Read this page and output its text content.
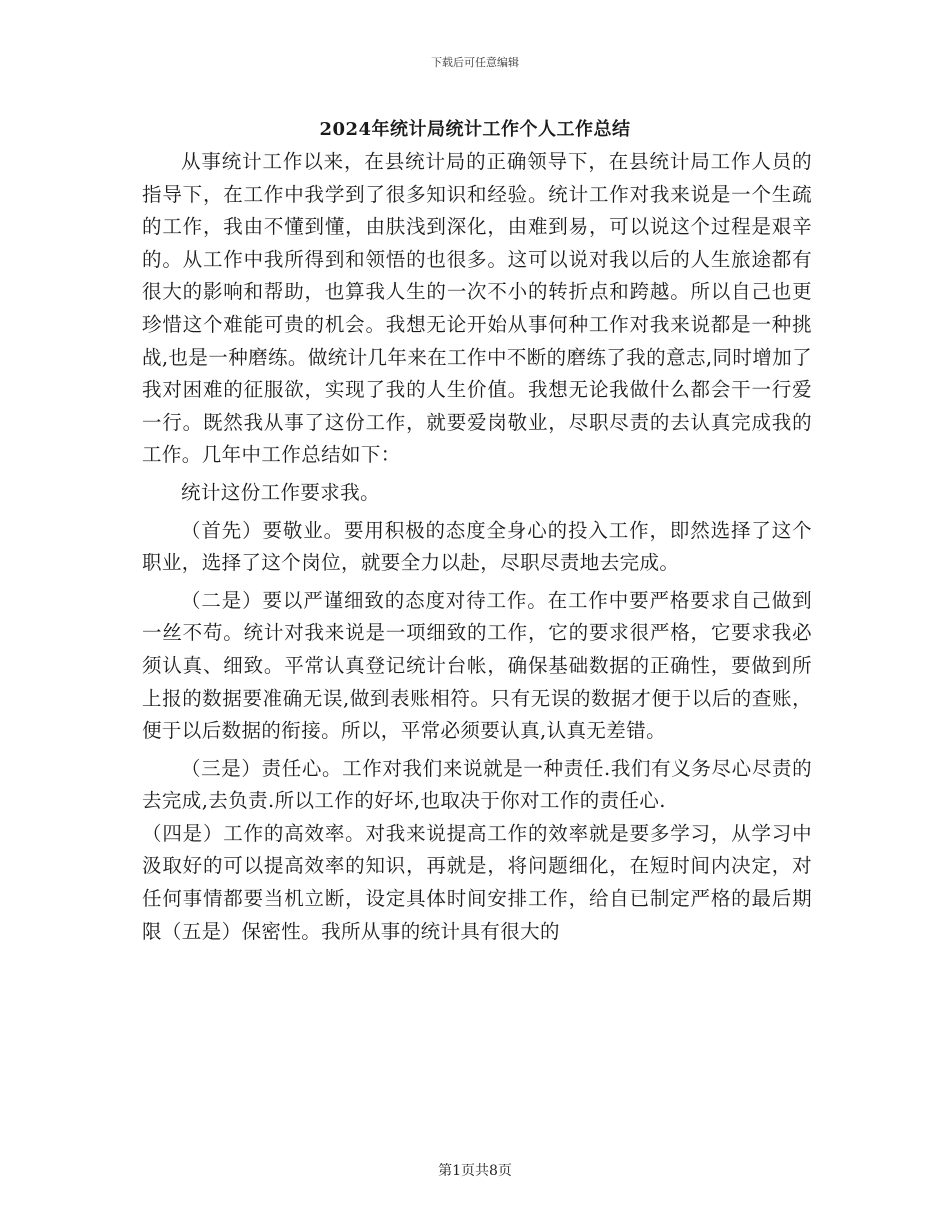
下载后可任意编辑
2024年统计局统计工作个人工作总结

从事统计工作以来，在县统计局的正确领导下，在县统计局工作人员的指导下，在工作中我学到了很多知识和经验。统计工作对我来说是一个生疏的工作，我由不懂到懂，由肤浅到深化，由难到易，可以说这个过程是艰辛的。从工作中我所得到和领悟的也很多。这可以说对我以后的人生旅途都有很大的影响和帮助，也算我人生的一次不小的转折点和跨越。所以自己也更珍惜这个难能可贵的机会。我想无论开始从事何种工作对我来说都是一种挑战,也是一种磨练。做统计几年来在工作中不断的磨练了我的意志,同时增加了我对困难的征服欲，实现了我的人生价值。我想无论我做什么都会干一行爱一行。既然我从事了这份工作，就要爱岗敬业，尽职尽责的去认真完成我的工作。几年中工作总结如下：

统计这份工作要求我。

（首先）要敬业。要用积极的态度全身心的投入工作，即然选择了这个职业，选择了这个岗位，就要全力以赴，尽职尽责地去完成。

（二是）要以严谨细致的态度对待工作。在工作中要严格要求自己做到一丝不苟。统计对我来说是一项细致的工作，它的要求很严格，它要求我必须认真、细致。平常认真登记统计台帐，确保基础数据的正确性，要做到所上报的数据要准确无误,做到表账相符。只有无误的数据才便于以后的查账，便于以后数据的衔接。所以，平常必须要认真,认真无差错。

（三是）责任心。工作对我们来说就是一种责任.我们有义务尽心尽责的去完成,去负责.所以工作的好坏,也取决于你对工作的责任心.

（四是）工作的高效率。对我来说提高工作的效率就是要多学习，从学习中汲取好的可以提高效率的知识，再就是，将问题细化，在短时间内决定，对任何事情都要当机立断，设定具体时间安排工作，给自已制定严格的最后期限（五是）保密性。我所从事的统计具有很大的

第1页共8页
